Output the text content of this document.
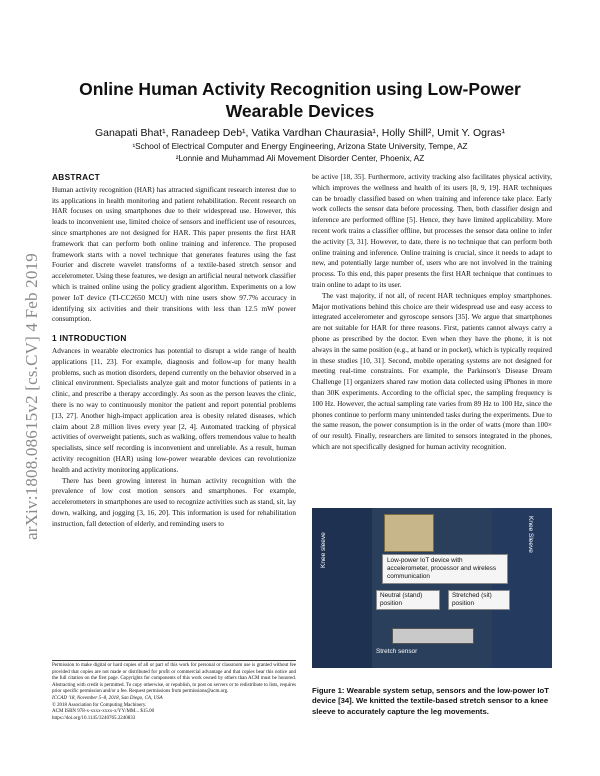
arXiv:1808.08615v2 [cs.CV] 4 Feb 2019
Online Human Activity Recognition using Low-Power
Wearable Devices
Ganapati Bhat¹, Ranadeep Deb¹, Vatika Vardhan Chaurasia¹, Holly Shill², Umit Y. Ogras¹
¹School of Electrical Computer and Energy Engineering, Arizona State University, Tempe, AZ
²Lonnie and Muhammad Ali Movement Disorder Center, Phoenix, AZ
ABSTRACT

Human activity recognition (HAR) has attracted significant research interest due to its applications in health monitoring and patient rehabilitation. Recent research on HAR focuses on using smartphones due to their widespread use. However, this leads to inconvenient use, limited choice of sensors and inefficient use of resources, since smartphones are not designed for HAR. This paper presents the first HAR framework that can perform both online training and inference. The proposed framework starts with a novel technique that generates features using the fast Fourier and discrete wavelet transforms of a textile-based stretch sensor and accelerometer. Using these features, we design an artificial neural network classifier which is trained online using the policy gradient algorithm. Experiments on a low power IoT device (TI-CC2650 MCU) with nine users show 97.7% accuracy in identifying six activities and their transitions with less than 12.5 mW power consumption.

1 INTRODUCTION

Advances in wearable electronics has potential to disrupt a wide range of health applications [11, 23]. For example, diagnosis and follow-up for many health problems, such as motion disorders, depend currently on the behavior observed in a clinical environment. Specialists analyze gait and motor functions of patients in a clinic, and prescribe a therapy accordingly. As soon as the person leaves the clinic, there is no way to continuously monitor the patient and report potential problems [13, 27]. Another high-impact application area is obesity related diseases, which claim about 2.8 million lives every year [2, 4]. Automated tracking of physical activities of overweight patients, such as walking, offers tremendous value to health specialists, since self recording is inconvenient and unreliable. As a result, human activity recognition (HAR) using low-power wearable devices can revolutionize health and activity monitoring applications.

There has been growing interest in human activity recognition with the prevalence of low cost motion sensors and smartphones. For example, accelerometers in smartphones are used to recognize activities such as stand, sit, lay down, walking, and jogging [3, 16, 20]. This information is used for rehabilitation instruction, fall detection of elderly, and reminding users to

Permission to make digital or hard copies of all or part of this work for personal or classroom use is granted without fee provided that copies are not made or distributed for profit or commercial advantage and that copies bear this notice and the full citation on the first page. Copyrights for components of this work owned by others than ACM must be honored. Abstracting with credit is permitted. To copy otherwise, or republish, to post on servers or to redistribute to lists, requires prior specific permission and/or a fee. Request permissions from permissions@acm.org.

ICCAD '18, November 5–8, 2018, San Diego, CA, USA

© 2018 Association for Computing Machinery.

ACM ISBN 978-x-xxxx-xxxx-x/YY/MM... $15.00

https://doi.org/10.1145/3240765.3240833

be active [18, 35]. Furthermore, activity tracking also facilitates physical activity, which improves the wellness and health of its users [8, 9, 19]. HAR techniques can be broadly classified based on when training and inference take place. Early work collects the sensor data before processing. Then, both classifier design and inference are performed offline [5]. Hence, they have limited applicability. More recent work trains a classifier offline, but processes the sensor data online to infer the activity [3, 31]. However, to date, there is no technique that can perform both online training and inference. Online training is crucial, since it needs to adapt to new, and potentially large number of, users who are not involved in the training process. To this end, this paper presents the first HAR technique that continues to train online to adapt to its user.

The vast majority, if not all, of recent HAR techniques employ smartphones. Major motivations behind this choice are their widespread use and easy access to integrated accelerometer and gyroscope sensors [35]. We argue that smartphones are not suitable for HAR for three reasons. First, patients cannot always carry a phone as prescribed by the doctor. Even when they have the phone, it is not always in the same position (e.g., at hand or in pocket), which is typically required in these studies [10, 31]. Second, mobile operating systems are not designed for meeting real-time constraints. For example, the Parkinson's Disease Dream Challenge [1] organizers shared raw motion data collected using iPhones in more than 30K experiments. According to the official spec, the sampling frequency is 100 Hz. However, the actual sampling rate varies from 89 Hz to 100 Hz, since the phones continue to perform many unintended tasks during the experiments. Due to the same reason, the power consumption is in the order of watts (more than 100× of our result). Finally, researchers are limited to sensors integrated in the phones, which are not specifically designed for human activity recognition.

Knee sleeve	Knee Sleeve
Low-power IoT device with accelerometer, processor and wireless communication
Neutral (stand) position
Stretched (sit) position
Stretch sensor
Figure 1: Wearable system setup, sensors and the low-power IoT device [34]. We knitted the textile-based stretch sensor to a knee sleeve to accurately capture the leg movements.
